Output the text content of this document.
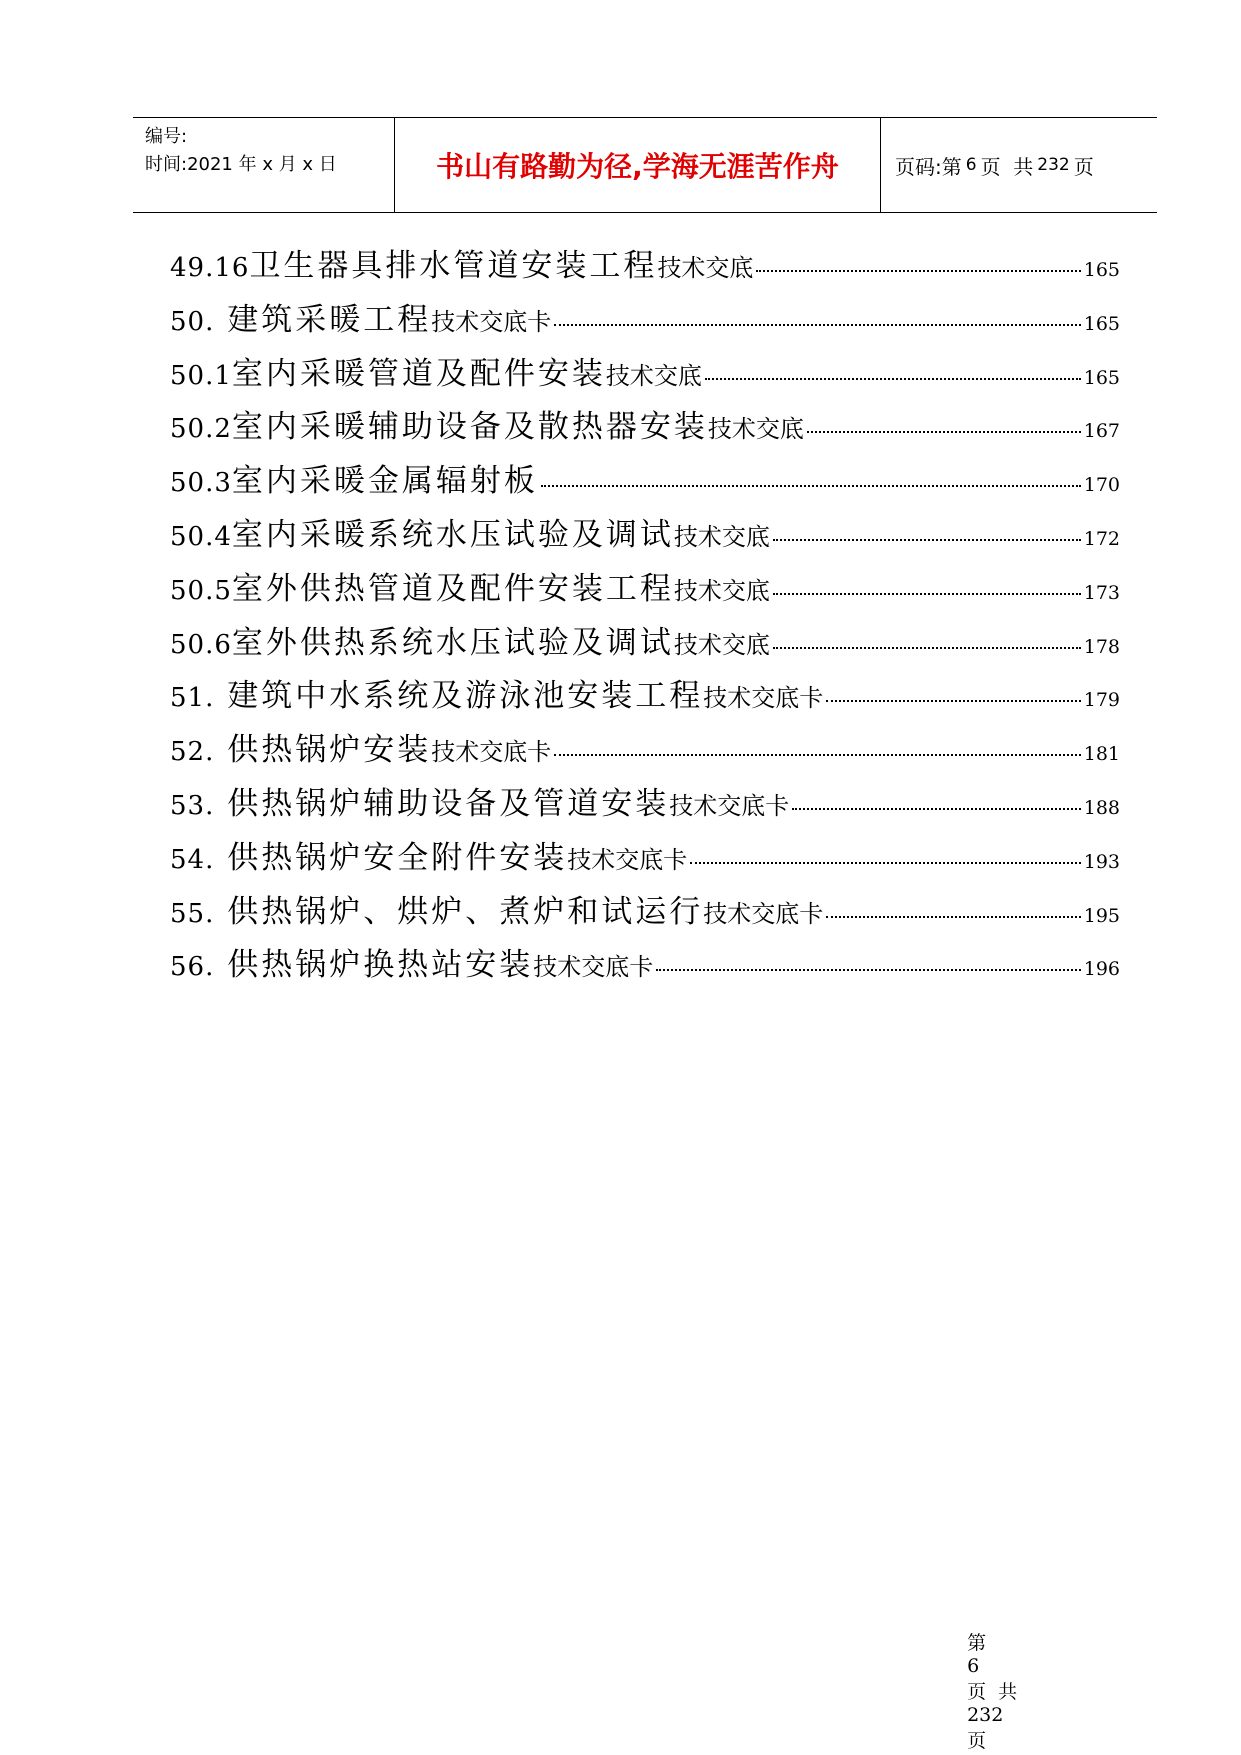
编号:
时间:2021 年 x 月 x 日	书山有路勤为径,学海无涯苦作舟	页码:第 6 页  共 232 页
49.16 卫生器具排水管道安装工程 技术交底	165
50. 建筑采暖工程 技术交底卡	165
50.1 室内采暖管道及配件安装 技术交底	165
50.2 室内采暖辅助设备及散热器安装 技术交底	167
50.3 室内采暖金属辐射板	170
50.4 室内采暖系统水压试验及调试 技术交底	172
50.5 室外供热管道及配件安装工程 技术交底	173
50.6 室外供热系统水压试验及调试 技术交底	178
51. 建筑中水系统及游泳池安装工程 技术交底卡	179
52. 供热锅炉安装 技术交底卡	181
53. 供热锅炉辅助设备及管道安装 技术交底卡	188
54. 供热锅炉安全附件安装 技术交底卡	193
55. 供热锅炉、烘炉、煮炉和试运行 技术交底卡	195
56. 供热锅炉换热站安装 技术交底卡	196

第
6
页  共
232
页
